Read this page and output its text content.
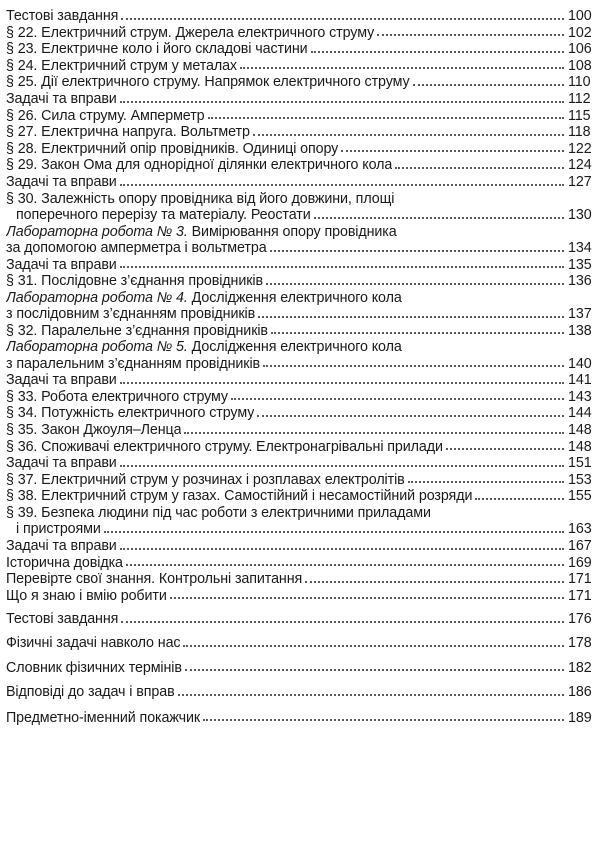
Тестові завдання	100
§ 22. Електричний струм. Джерела електричного струму	102
§ 23. Електричне коло і його складові частини	106
§ 24. Електричний струм у металах	108
§ 25. Дії електричного струму. Напрямок електричного струму	110
Задачі та вправи	112
§ 26. Сила струму. Амперметр	115
§ 27. Електрична напруга. Вольтметр	118
§ 28. Електричний опір провідників. Одиниці опору	122
§ 29. Закон Ома для однорідної ділянки електричного кола	124
Задачі та вправи	127
§ 30. Залежність опору провідника від його довжини, площі
поперечного перерізу та матеріалу. Реостати	130
Лабораторна робота № 3. Вимірювання опору провідника
за допомогою амперметра і вольтметра	134
Задачі та вправи	135
§ 31. Послідовне з’єднання провідників	136
Лабораторна робота № 4. Дослідження електричного кола
з послідовним з’єднанням провідників	137
§ 32. Паралельне з’єднання провідників	138
Лабораторна робота № 5. Дослідження електричного кола
з паралельним з’єднанням провідників	140
Задачі та вправи	141
§ 33. Робота електричного струму	143
§ 34. Потужність електричного струму	144
§ 35. Закон Джоуля–Ленца	148
§ 36. Споживачі електричного струму. Електронагрівальні прилади	148
Задачі та вправи	151
§ 37. Електричний струм у розчинах і розплавах електролітів	153
§ 38. Електричний струм у газах. Самостійний і несамостійний розряди	155
§ 39. Безпека людини під час роботи з електричними приладами
і пристроями	163
Задачі та вправи	167
Історична довідка	169
Перевірте свої знання. Контрольні запитання	171
Що я знаю і вмію робити	171
Тестові завдання	176
Фізичні задачі навколо нас	178
Словник фізичних термінів	182
Відповіді до задач і вправ	186
Предметно-іменний покажчик	189
